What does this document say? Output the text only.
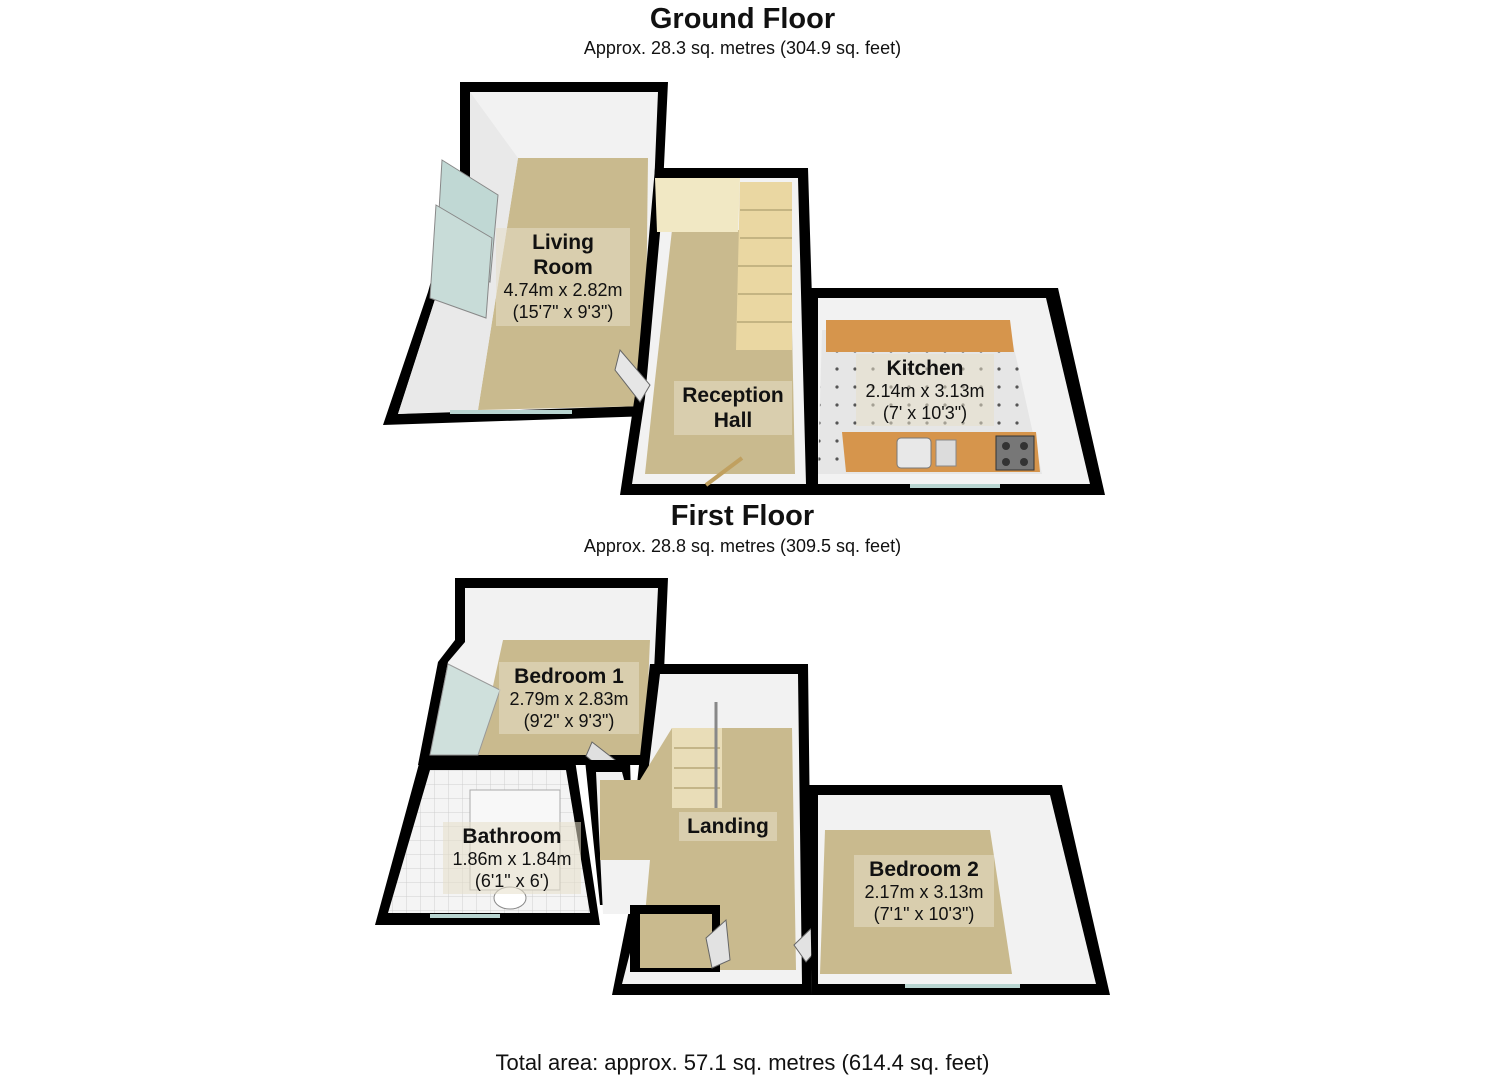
Ground Floor
Approx. 28.3 sq. metres (304.9 sq. feet)
First Floor
Approx. 28.8 sq. metres (309.5 sq. feet)
Living
Room
4.74m x 2.82m
(15'7" x 9'3")
Reception
Hall
Kitchen
2.14m x 3.13m
(7' x 10'3")
Bedroom 1
2.79m x 2.83m
(9'2" x 9'3")
Bathroom
1.86m x 1.84m
(6'1" x 6')
Landing
Bedroom 2
2.17m x 3.13m
(7'1" x 10'3")
Total area: approx. 57.1 sq. metres (614.4 sq. feet)
